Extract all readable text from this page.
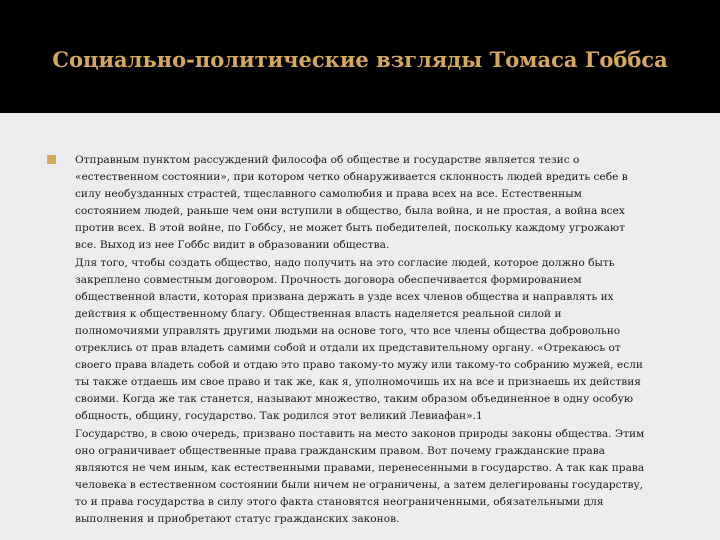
Социально-политические взгляды Томаса Гоббса
Отправным пунктом рассуждений философа об обществе и государстве является тезис о
«естественном состоянии», при котором четко обнаруживается склонность людей вредить себе в
силу необузданных страстей, тщеславного самолюбия и права всех на все. Естественным
состоянием людей, раньше чем они вступили в общество, была война, и не простая, а война всех
против всех. В этой войне, по Гоббсу, не может быть победителей, поскольку каждому угрожают
все. Выход из нее Гоббс видит в образовании общества.
Для того, чтобы создать общество, надо получить на это согласие людей, которое должно быть
закреплено совместным договором. Прочность договора обеспечивается формированием
общественной власти, которая призвана держать в узде всех членов общества и направлять их
действия к общественному благу. Общественная власть наделяется реальной силой и
полномочиями управлять другими людьми на основе того, что все члены общества добровольно
отреклись от прав владеть самими собой и отдали их представительному органу. «Отрекаюсь от
своего права владеть собой и отдаю это право такому-то мужу или такому-то собранию мужей, если
ты также отдаешь им свое право и так же, как я, уполномочишь их на все и признаешь их действия
своими. Когда же так станется, называют множество, таким образом объединенное в одну особую
общность, общину, государство. Так родился этот великий Левиафан».1
Государство, в свою очередь, призвано поставить на место законов природы законы общества. Этим
оно ограничивает общественные права гражданским правом. Вот почему гражданские права
являются не чем иным, как естественными правами, перенесенными в государство. А так как права
человека в естественном состоянии были ничем не ограничены, а затем делегированы государству,
то и права государства в силу этого факта становятся неограниченными, обязательными для
выполнения и приобретают статус гражданских законов.
